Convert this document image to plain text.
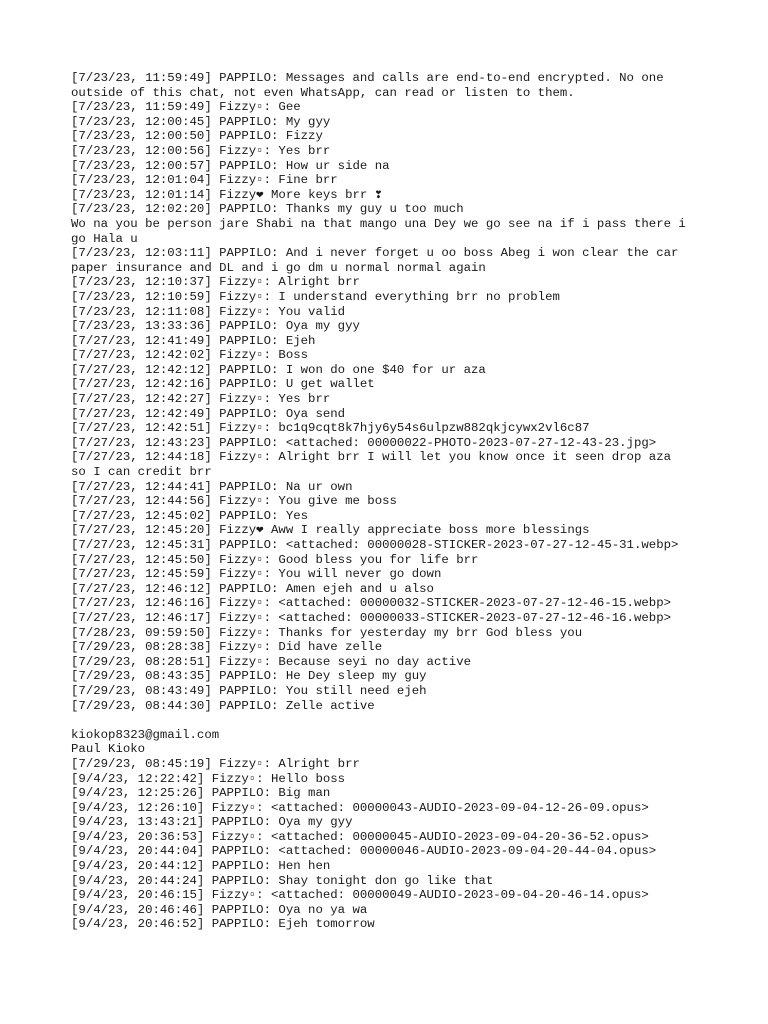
[7/23/23, 11:59:49] PAPPILO: Messages and calls are end-to-end encrypted. No one
outside of this chat, not even WhatsApp, can read or listen to them.
[7/23/23, 11:59:49] Fizzy▫: Gee
[7/23/23, 12:00:45] PAPPILO: My gyy
[7/23/23, 12:00:50] PAPPILO: Fizzy
[7/23/23, 12:00:56] Fizzy▫: Yes brr
[7/23/23, 12:00:57] PAPPILO: How ur side na
[7/23/23, 12:01:04] Fizzy▫: Fine brr
[7/23/23, 12:01:14] Fizzy❤ More keys brr ❣
[7/23/23, 12:02:20] PAPPILO: Thanks my guy u too much
Wo na you be person jare Shabi na that mango una Dey we go see na if i pass there i
go Hala u
[7/23/23, 12:03:11] PAPPILO: And i never forget u oo boss Abeg i won clear the car
paper insurance and DL and i go dm u normal normal again
[7/23/23, 12:10:37] Fizzy▫: Alright brr
[7/23/23, 12:10:59] Fizzy▫: I understand everything brr no problem
[7/23/23, 12:11:08] Fizzy▫: You valid
[7/23/23, 13:33:36] PAPPILO: Oya my gyy
[7/27/23, 12:41:49] PAPPILO: Ejeh
[7/27/23, 12:42:02] Fizzy▫: Boss
[7/27/23, 12:42:12] PAPPILO: I won do one $40 for ur aza
[7/27/23, 12:42:16] PAPPILO: U get wallet
[7/27/23, 12:42:27] Fizzy▫: Yes brr
[7/27/23, 12:42:49] PAPPILO: Oya send
[7/27/23, 12:42:51] Fizzy▫: bc1q9cqt8k7hjy6y54s6ulpzw882qkjcywx2vl6c87
[7/27/23, 12:43:23] PAPPILO: <attached: 00000022-PHOTO-2023-07-27-12-43-23.jpg>
[7/27/23, 12:44:18] Fizzy▫: Alright brr I will let you know once it seen drop aza
so I can credit brr
[7/27/23, 12:44:41] PAPPILO: Na ur own
[7/27/23, 12:44:56] Fizzy▫: You give me boss
[7/27/23, 12:45:02] PAPPILO: Yes
[7/27/23, 12:45:20] Fizzy❤ Aww I really appreciate boss more blessings
[7/27/23, 12:45:31] PAPPILO: <attached: 00000028-STICKER-2023-07-27-12-45-31.webp>
[7/27/23, 12:45:50] Fizzy▫: Good bless you for life brr
[7/27/23, 12:45:59] Fizzy▫: You will never go down
[7/27/23, 12:46:12] PAPPILO: Amen ejeh and u also
[7/27/23, 12:46:16] Fizzy▫: <attached: 00000032-STICKER-2023-07-27-12-46-15.webp>
[7/27/23, 12:46:17] Fizzy▫: <attached: 00000033-STICKER-2023-07-27-12-46-16.webp>
[7/28/23, 09:59:50] Fizzy▫: Thanks for yesterday my brr God bless you
[7/29/23, 08:28:38] Fizzy▫: Did have zelle
[7/29/23, 08:28:51] Fizzy▫: Because seyi no day active
[7/29/23, 08:43:35] PAPPILO: He Dey sleep my guy
[7/29/23, 08:43:49] PAPPILO: You still need ejeh
[7/29/23, 08:44:30] PAPPILO: Zelle active
kiokop8323@gmail.com
Paul Kioko
[7/29/23, 08:45:19] Fizzy▫: Alright brr
[9/4/23, 12:22:42] Fizzy▫: Hello boss
[9/4/23, 12:25:26] PAPPILO: Big man
[9/4/23, 12:26:10] Fizzy▫: <attached: 00000043-AUDIO-2023-09-04-12-26-09.opus>
[9/4/23, 13:43:21] PAPPILO: Oya my gyy
[9/4/23, 20:36:53] Fizzy▫: <attached: 00000045-AUDIO-2023-09-04-20-36-52.opus>
[9/4/23, 20:44:04] PAPPILO: <attached: 00000046-AUDIO-2023-09-04-20-44-04.opus>
[9/4/23, 20:44:12] PAPPILO: Hen hen
[9/4/23, 20:44:24] PAPPILO: Shay tonight don go like that
[9/4/23, 20:46:15] Fizzy▫: <attached: 00000049-AUDIO-2023-09-04-20-46-14.opus>
[9/4/23, 20:46:46] PAPPILO: Oya no ya wa
[9/4/23, 20:46:52] PAPPILO: Ejeh tomorrow
